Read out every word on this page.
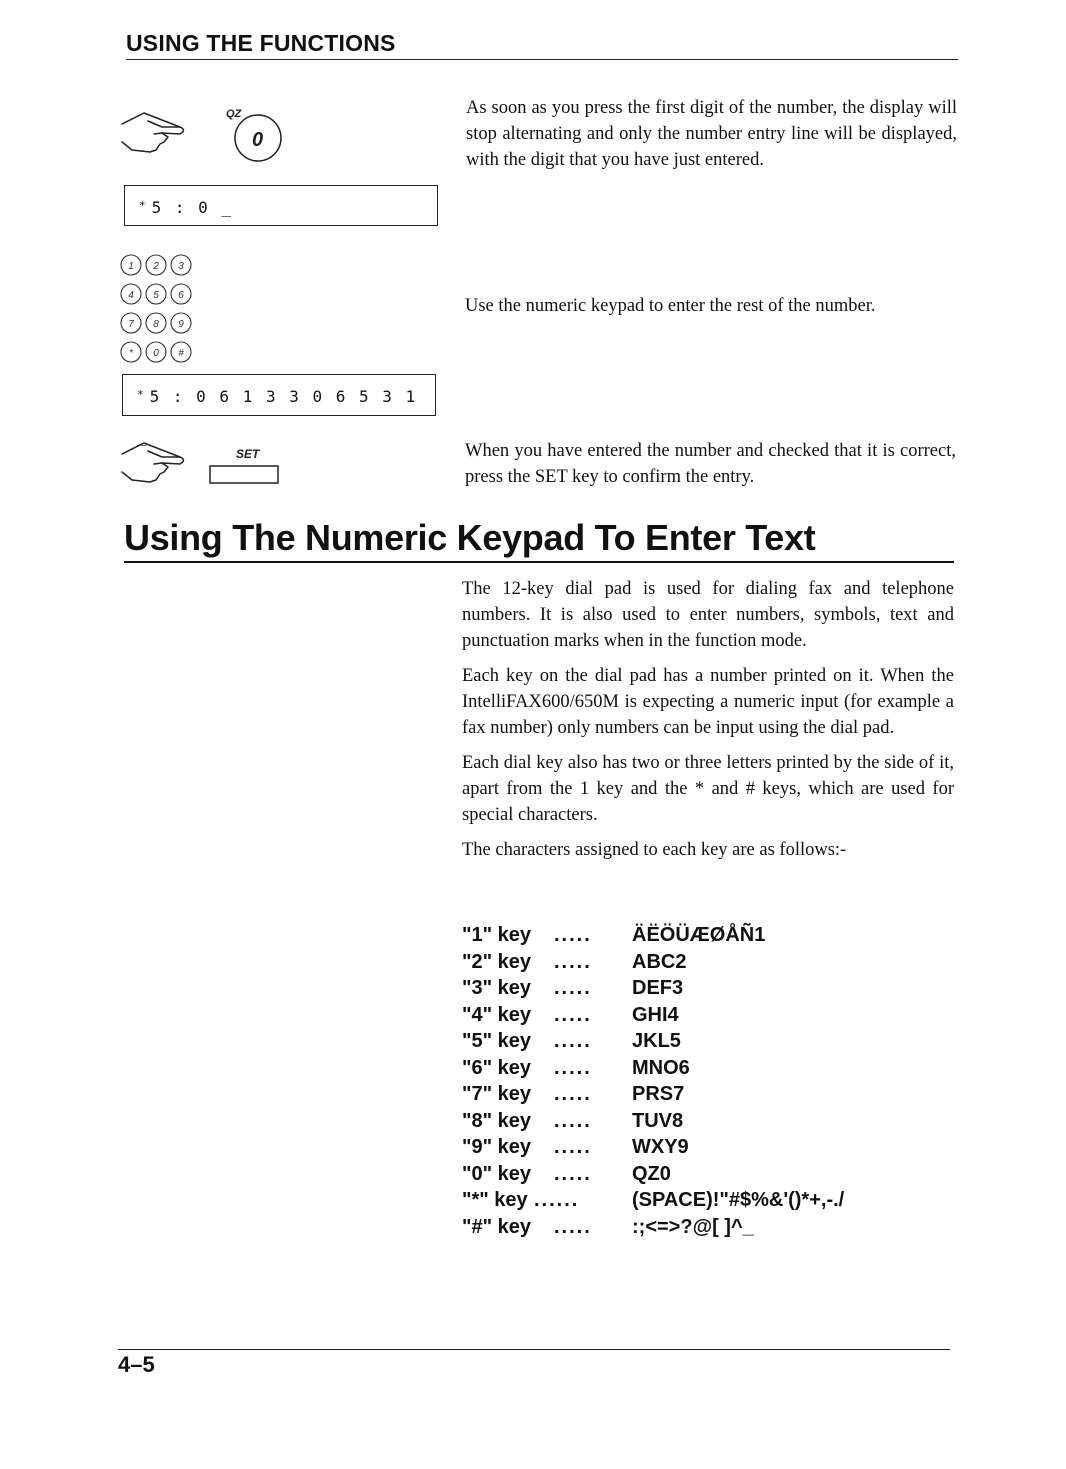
USING THE FUNCTIONS
QZ
0
As soon as you press the first digit of the number, the display will stop alternating and only the number entry line will be displayed, with the digit that you have just entered.
* 5 : 0 _
1 2 3
4 5 6
7 8 9
* 0 #
Use the numeric keypad to enter the rest of the number.
* 5 : 0 6 1 3 3 0 6 5 3 1 _
SET	When you have entered the number and checked that it is correct, press the SET key to confirm the entry.
Using The Numeric Keypad To Enter Text

The 12-key dial pad is used for dialing fax and telephone numbers. It is also used to enter numbers, symbols, text and punctuation marks when in the function mode.

Each key on the dial pad has a number printed on it. When the IntelliFAX600/650M is expecting a numeric input (for example a fax number) only numbers can be input using the dial pad.

Each dial key also has two or three letters printed by the side of it, apart from the 1 key and the * and # keys, which are used for special characters.

The characters assigned to each key are as follows:-

"1" key	.....	ÄËÖÜÆØÅÑ1
"2" key	.....	ABC2
"3" key	.....	DEF3
"4" key	.....	GHI4
"5" key	.....	JKL5
"6" key	.....	MNO6
"7" key	.....	PRS7
"8" key	.....	TUV8
"9" key	.....	WXY9
"0" key	.....	QZ0
"*" key ......	(SPACE)!"#$%&'()*+,-./
"#" key	.....	:;<=>?@[ ]^_
4–5
